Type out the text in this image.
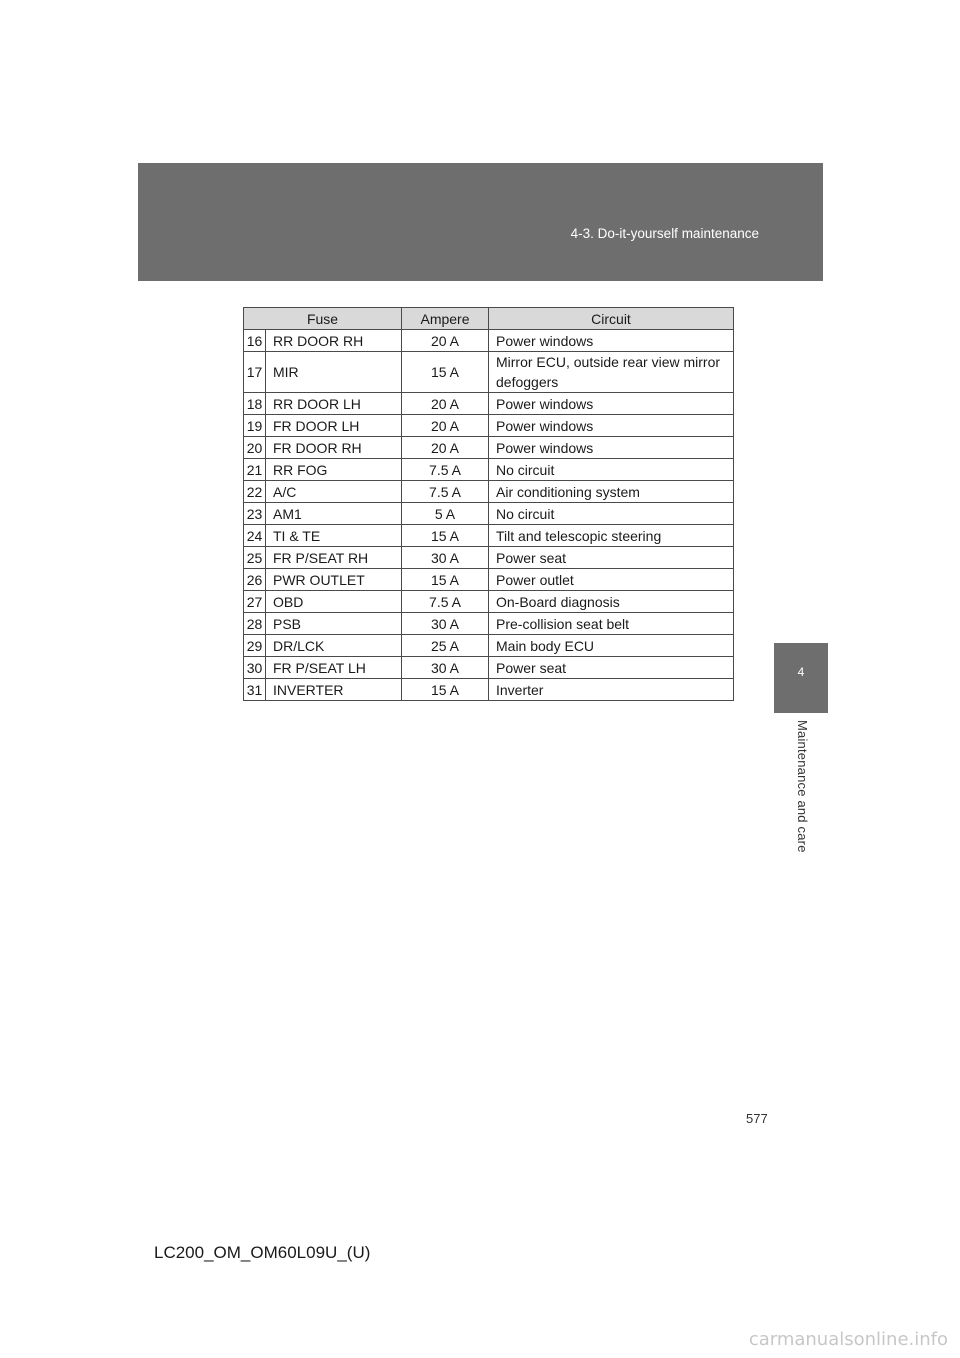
4-3. Do-it-yourself maintenance
4
Maintenance and care
Fuse		Ampere	Circuit
16	RR DOOR RH	20 A	Power windows
17	MIR	15 A	Mirror ECU, outside rear view mirror defoggers
18	RR DOOR LH	20 A	Power windows
19	FR DOOR LH	20 A	Power windows
20	FR DOOR RH	20 A	Power windows
21	RR FOG	7.5 A	No circuit
22	A/C	7.5 A	Air conditioning system
23	AM1	5 A	No circuit
24	TI & TE	15 A	Tilt and telescopic steering
25	FR P/SEAT RH	30 A	Power seat
26	PWR OUTLET	15 A	Power outlet
27	OBD	7.5 A	On-Board diagnosis
28	PSB	30 A	Pre-collision seat belt
29	DR/LCK	25 A	Main body ECU
30	FR P/SEAT LH	30 A	Power seat
31	INVERTER	15 A	Inverter
577
LC200_OM_OM60L09U_(U)
carmanualsonline.info
